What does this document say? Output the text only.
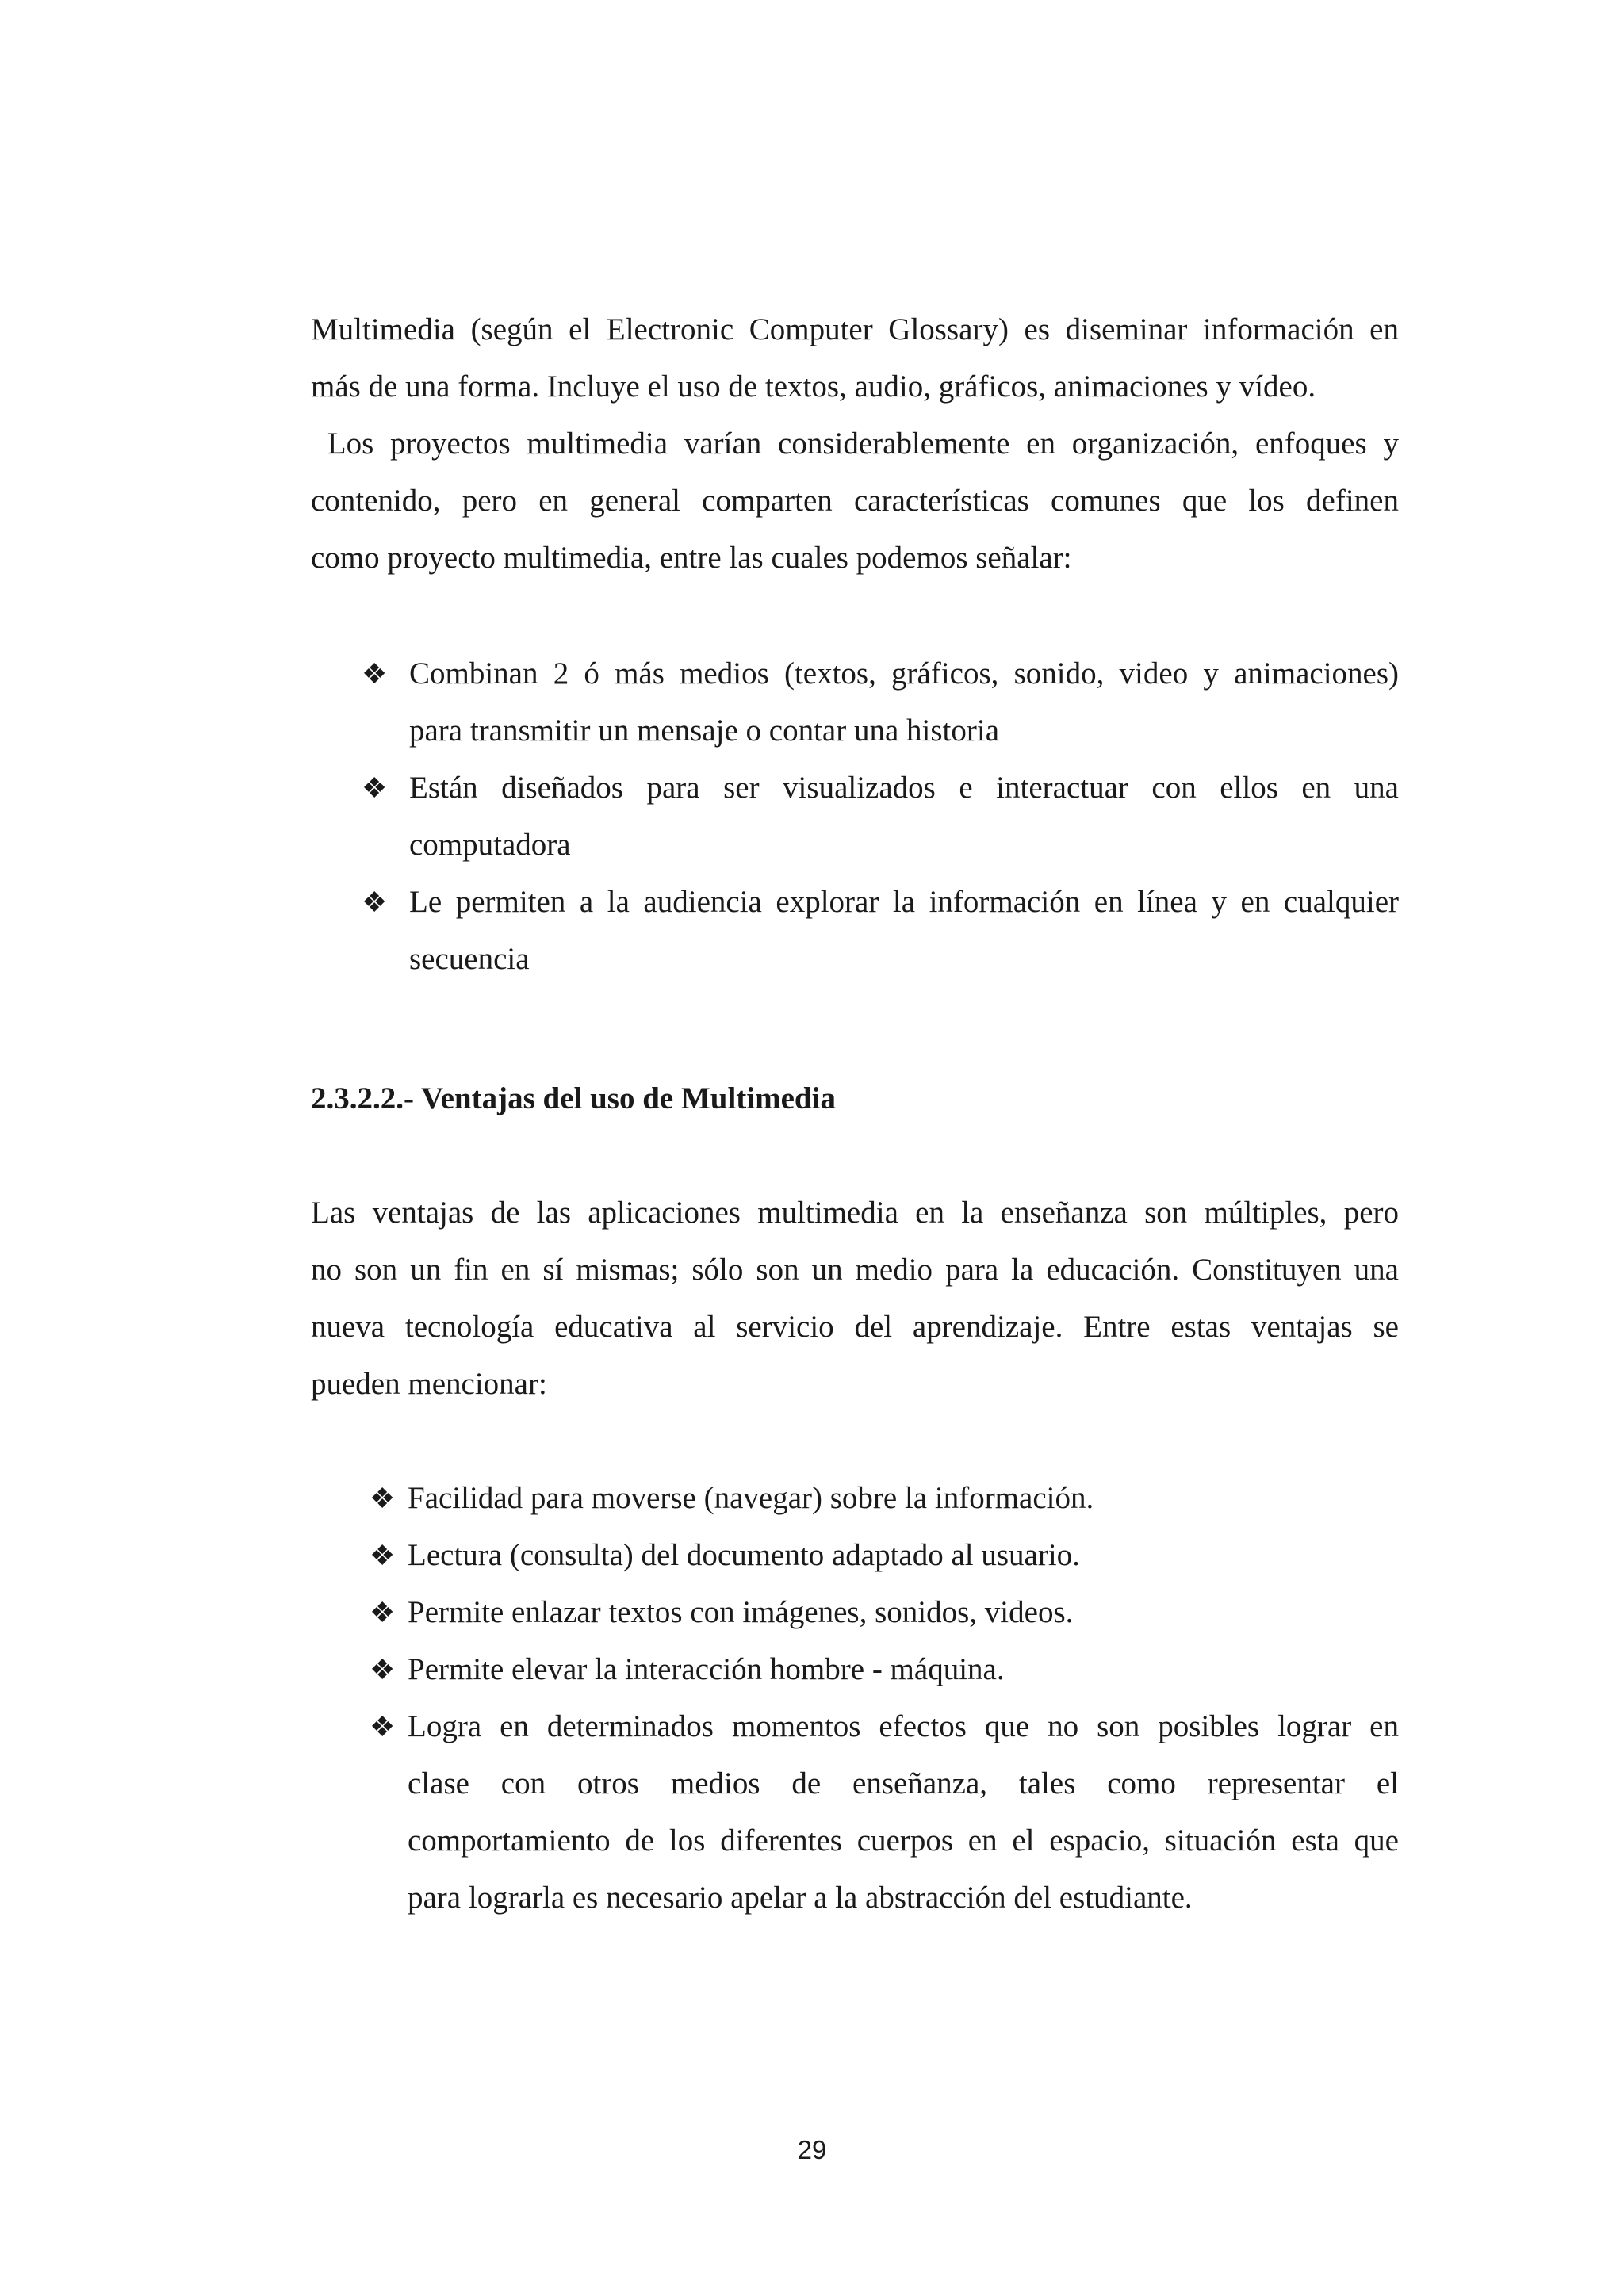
Multimedia (según el Electronic Computer Glossary) es diseminar información en
más de una forma. Incluye el uso de textos, audio, gráficos, animaciones y vídeo.
Los proyectos multimedia varían considerablemente en organización, enfoques y
contenido, pero en general comparten características comunes que los definen
como proyecto multimedia, entre las cuales podemos señalar:
❖ Combinan 2 ó más medios (textos, gráficos, sonido, video y animaciones)
para transmitir un mensaje o contar una historia
❖ Están diseñados para ser visualizados e interactuar con ellos en una
computadora
❖ Le permiten a la audiencia explorar la información en línea y en cualquier
secuencia
2.3.2.2.- Ventajas del uso de Multimedia
Las ventajas de las aplicaciones multimedia en la enseñanza son múltiples, pero
no son un fin en sí mismas; sólo son un medio para la educación. Constituyen una
nueva tecnología educativa al servicio del aprendizaje. Entre estas ventajas se
pueden mencionar:
❖ Facilidad para moverse (navegar) sobre la información.
❖ Lectura (consulta) del documento adaptado al usuario.
❖ Permite enlazar textos con imágenes, sonidos, videos.
❖ Permite elevar la interacción hombre - máquina.
❖ Logra en determinados momentos efectos que no son posibles lograr en
clase con otros medios de enseñanza, tales como representar el
comportamiento de los diferentes cuerpos en el espacio, situación esta que
para lograrla es necesario apelar a la abstracción del estudiante.
29
